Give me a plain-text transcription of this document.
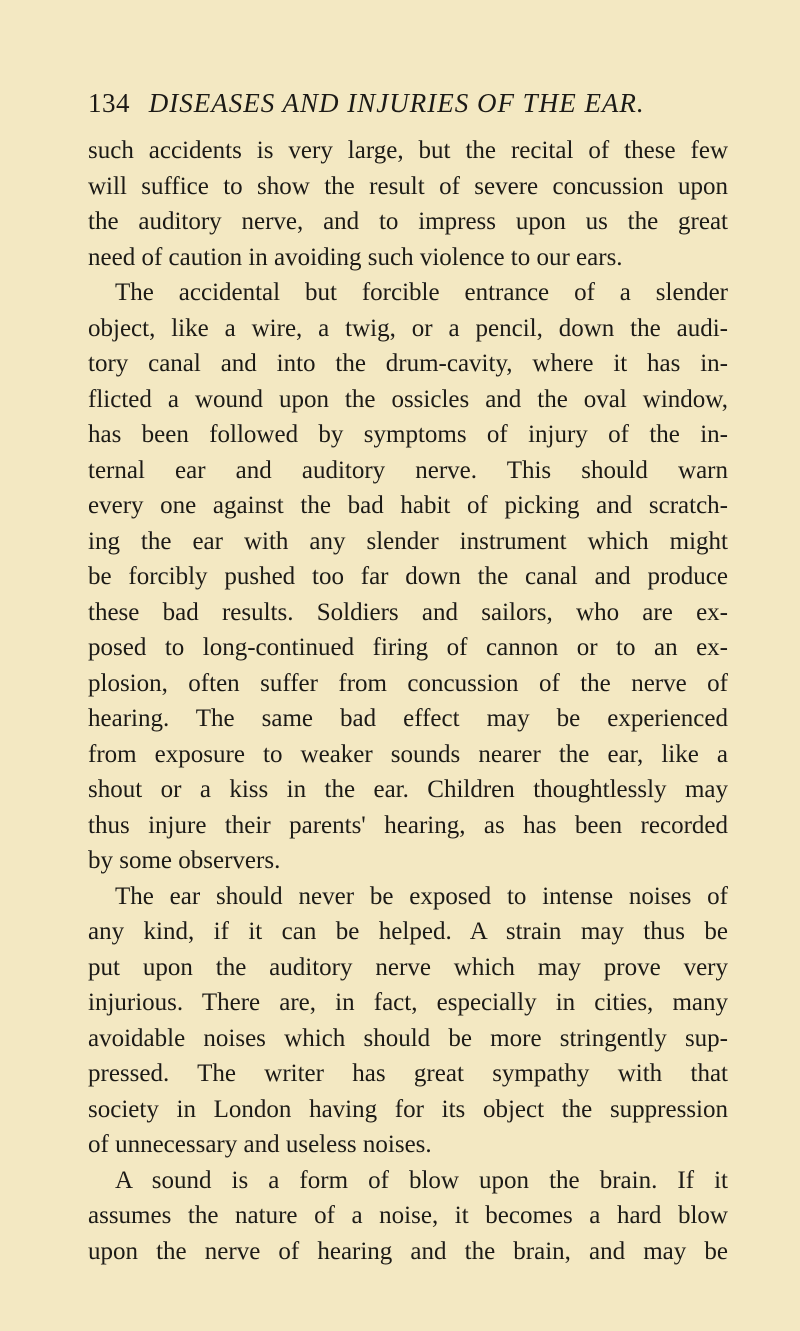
134 DISEASES AND INJURIES OF THE EAR.
such accidents is very large, but the recital of these few
will suffice to show the result of severe concussion upon
the auditory nerve, and to impress upon us the great
need of caution in avoiding such violence to our ears.
The accidental but forcible entrance of a slender
object, like a wire, a twig, or a pencil, down the audi-
tory canal and into the drum-cavity, where it has in-
flicted a wound upon the ossicles and the oval window,
has been followed by symptoms of injury of the in-
ternal ear and auditory nerve. This should warn
every one against the bad habit of picking and scratch-
ing the ear with any slender instrument which might
be forcibly pushed too far down the canal and produce
these bad results. Soldiers and sailors, who are ex-
posed to long-continued firing of cannon or to an ex-
plosion, often suffer from concussion of the nerve of
hearing. The same bad effect may be experienced
from exposure to weaker sounds nearer the ear, like a
shout or a kiss in the ear. Children thoughtlessly may
thus injure their parents' hearing, as has been recorded
by some observers.
The ear should never be exposed to intense noises of
any kind, if it can be helped. A strain may thus be
put upon the auditory nerve which may prove very
injurious. There are, in fact, especially in cities, many
avoidable noises which should be more stringently sup-
pressed. The writer has great sympathy with that
society in London having for its object the suppression
of unnecessary and useless noises.
A sound is a form of blow upon the brain. If it
assumes the nature of a noise, it becomes a hard blow
upon the nerve of hearing and the brain, and may be
